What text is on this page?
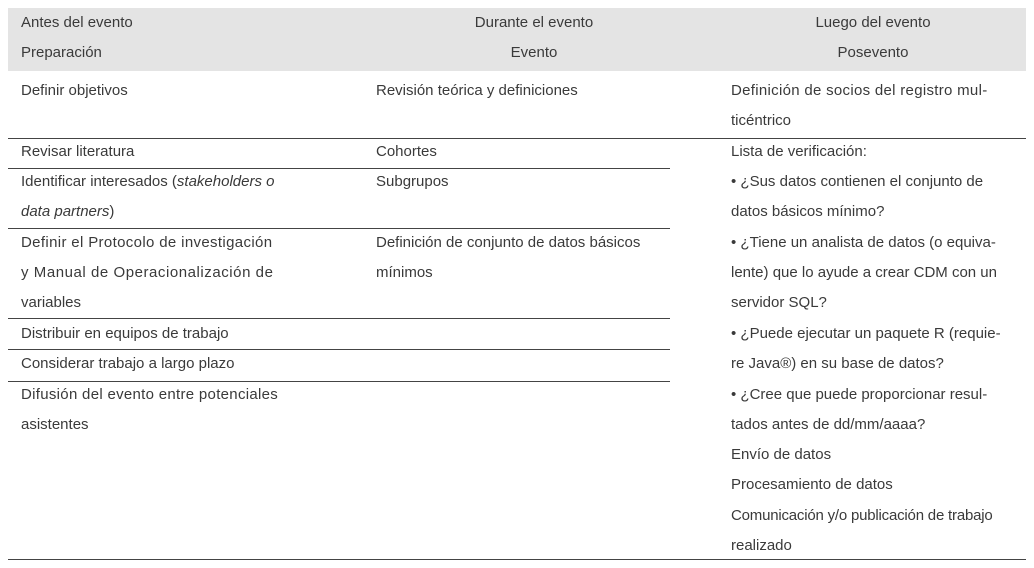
Antes del evento
Preparación
Durante el evento
Evento
Luego del evento
Posevento
Definir objetivos
Revisar literatura
Identificar interesados (stakeholders o
data partners)
Definir el Protocolo de investigación
y Manual de Operacionalización de
variables
Distribuir en equipos de trabajo
Considerar trabajo a largo plazo
Difusión del evento entre potenciales
asistentes
Revisión teórica y definiciones
Cohortes
Subgrupos
Definición de conjunto de datos básicos
mínimos
Definición de socios del registro mul-
ticéntrico
Lista de verificación:
• ¿Sus datos contienen el conjunto de
datos básicos mínimo?
• ¿Tiene un analista de datos (o equiva-
lente) que lo ayude a crear CDM con un
servidor SQL?
• ¿Puede ejecutar un paquete R (requie-
re Java®) en su base de datos?
• ¿Cree que puede proporcionar resul-
tados antes de dd/mm/aaaa?
Envío de datos
Procesamiento de datos
Comunicación y/o publicación de trabajo
realizado
